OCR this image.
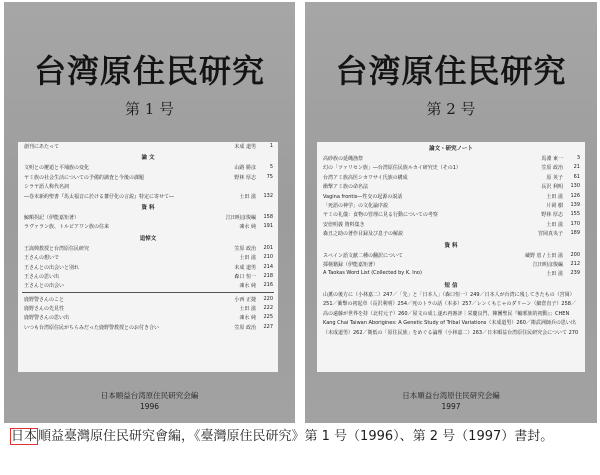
台湾原住民研究
第 1 号
創刊にあたって	末成 道男	1
論 文
文明との邂逅と平埔族の変化	山路 勝彦	5
ヤミ族の社会生活についての予備的調査と今後の課題	野林 厚志 75
シラヤ語人称代名詞
―巻末新約聖書『馬太福音に於ける蕃仔化の言説』特定に寄せて―	土田 滋 132
資 料
鯨額拐記（伊能嘉矩著）	江田明彦復編 158
ラヴァラン族、トルビアワン族の住来	凍水 純 191
追悼文
王嵩興教授と台湾原住民研究	笠原 政治 201
王さんの想いで	土田 滋 210
王さんとの出会いと別れ	末成 道男 214
王さんの思い出	森口 恒一 218
王さんとの出会い	凍水 純 216
鹿野警さんのこと	小西 正捷 220
鹿野さんの先見性	土田 滋 222
鹿野警さんの思い出	凍水 純 225
いつも台湾原住民がちらみだった鹿野警教授とのお付き合い	笠原 政治 227
日本順益台湾原住民研究会編
1996
台湾原住民研究
第 2 号
論文・研究ノート
高砂族の延縄漁祭	馬淵 東一	3
幻の「ツァリセン族」―台湾原住民族ルカイ研究史（その1）	笠原 政治 21
台湾アミ族高医シカワサイ氏族の構成	原 英子 61
衝撃アミ族の命名法	長沢 利明 130
Vagina frontis―性交の起源の説話	土田 滋 126
「死語の神学」の文化論序説	片岡 樹 139
ヤミの礼儀：食物の管理に見る行動についての考察	野林 厚志 155
安倍明義 資料集き	土田 滋 170
森丑之助の著作目録及び息子の解説	宮岡真央子 189
資 料
スペイン語文献二種の翻訳について	蔵野 恵 / 土田 滋 200
採検籍録（伊能嘉矩著）	江田明彦復編 212
A Taokas Word List (Collected by K. Ino)	土田 滋 239
短 信
山薫の後方に（小林嘉二）247／「先」と「日本人」（森口恒一）249／日本人が台湾に残してきたもの（宮岡）251／衝撃の初起草（長沢利明）254／死のトラの話（本多）257／レンくもじゃのダリーン（細倉直子）258／高の遠藤が世界を持（北村元子）260／屋文の成し遂れ再審評｜栄慶良門、陳團聖民『輸邪族的初動』；CHEN Kang Chai Taiwan Aborigines: A Genetic Study of Tribal Variations（末成道男）260／衛武洲師兵の思い出（末成道男）262／衛低の「原住民族」をめぐる論理（小林嘉二）263／日本順益台湾原住民研究会について 270
日本順益台湾原住民研究会編
1997
日本順益臺灣原住民研究會編，《臺灣原住民研究》第 1 号（1996）、第 2 号（1997）書封。
